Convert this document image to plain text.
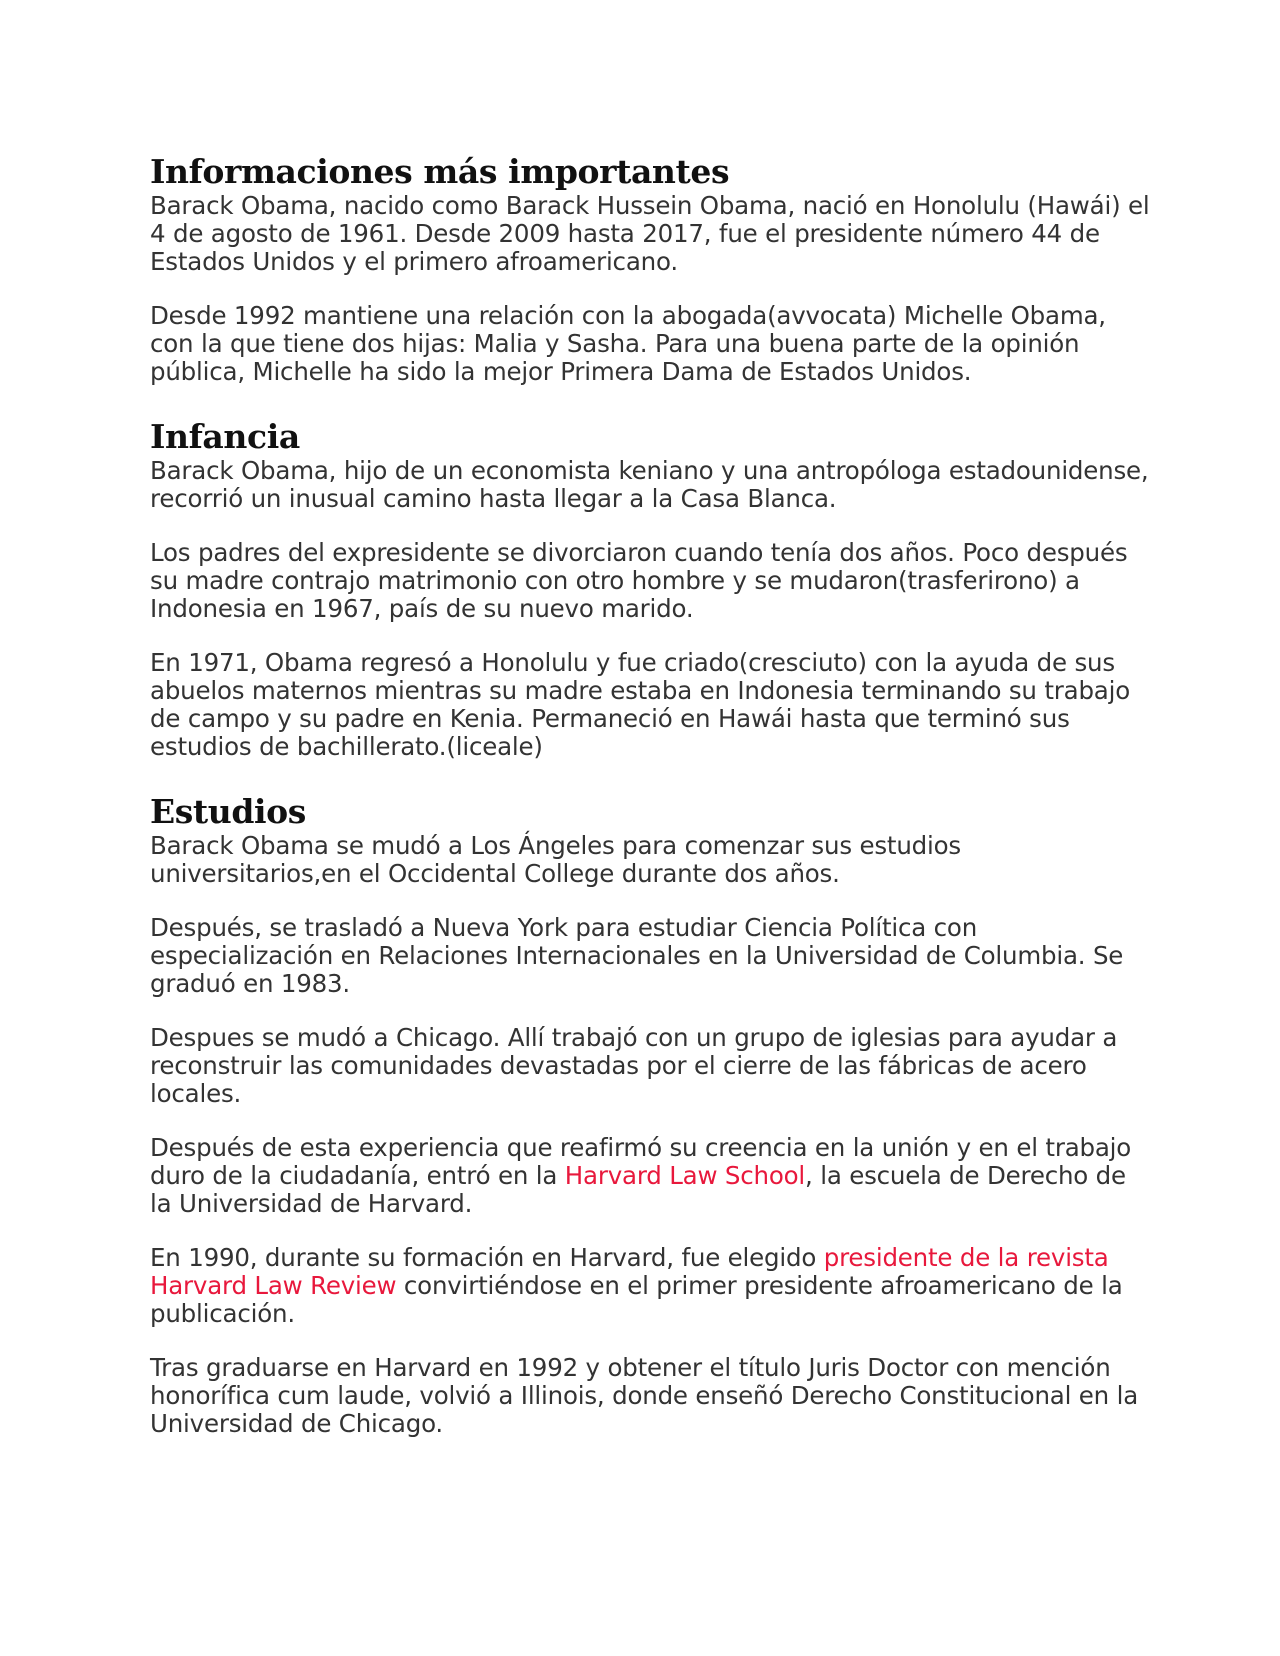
Informaciones más importantes

Barack Obama, nacido como Barack Hussein Obama, nació en Honolulu (Hawái) el 4 de agosto de 1961. Desde 2009 hasta 2017, fue el presidente número 44 de Estados Unidos y el primero afroamericano.

Desde 1992 mantiene una relación con la abogada(avvocata) Michelle Obama, con la que tiene dos hijas: Malia y Sasha. Para una buena parte de la opinión pública, Michelle ha sido la mejor Primera Dama de Estados Unidos.

Infancia

Barack Obama, hijo de un economista keniano y una antropóloga estadounidense, recorrió un inusual camino hasta llegar a la Casa Blanca.

Los padres del expresidente se divorciaron cuando tenía dos años. Poco después su madre contrajo matrimonio con otro hombre y se mudaron(trasferirono) a Indonesia en 1967, país de su nuevo marido.

En 1971, Obama regresó a Honolulu y fue criado(cresciuto) con la ayuda de sus abuelos maternos mientras su madre estaba en Indonesia terminando su trabajo de campo y su padre en Kenia. Permaneció en Hawái hasta que terminó sus estudios de bachillerato.(liceale)

Estudios

Barack Obama se mudó a Los Ángeles para comenzar sus estudios universitarios,en el Occidental College durante dos años.

Después, se trasladó a Nueva York para estudiar Ciencia Política con especialización en Relaciones Internacionales en la Universidad de Columbia. Se graduó en 1983.

Despues se mudó a Chicago. Allí trabajó con un grupo de iglesias para ayudar a reconstruir las comunidades devastadas por el cierre de las fábricas de acero locales.

Después de esta experiencia que reafirmó su creencia en la unión y en el trabajo duro de la ciudadanía, entró en la Harvard Law School, la escuela de Derecho de la Universidad de Harvard.

En 1990, durante su formación en Harvard, fue elegido presidente de la revista Harvard Law Review convirtiéndose en el primer presidente afroamericano de la publicación.

Tras graduarse en Harvard en 1992 y obtener el título Juris Doctor con mención honorífica cum laude, volvió a Illinois, donde enseñó Derecho Constitucional en la Universidad de Chicago.
